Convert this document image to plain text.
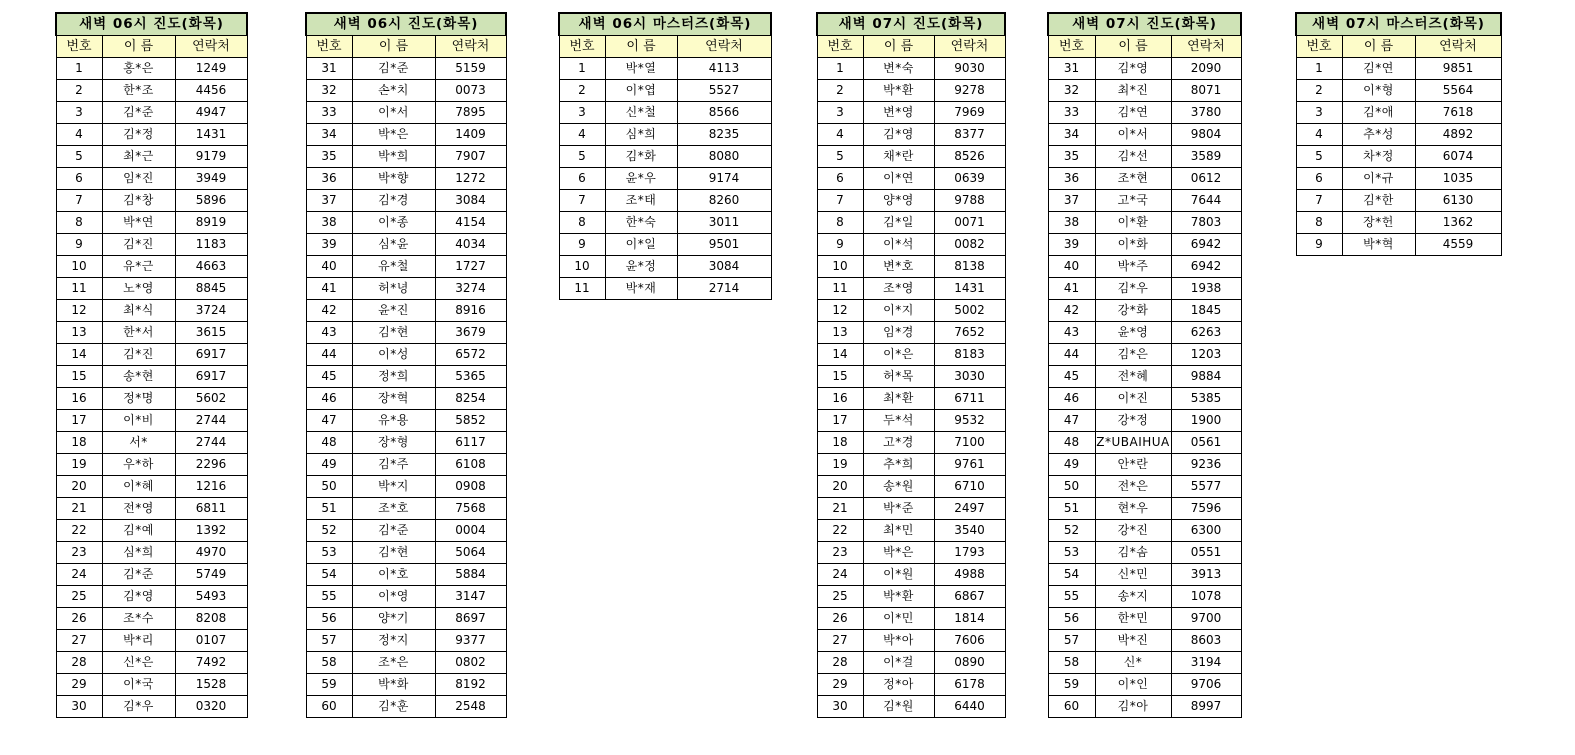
새벽 06시 진도(화목)		
번호	이 름	연락처
1	홍*은	1249
2	한*조	4456
3	김*준	4947
4	김*정	1431
5	최*근	9179
6	임*진	3949
7	김*창	5896
8	박*연	8919
9	김*진	1183
10	유*근	4663
11	노*영	8845
12	최*식	3724
13	한*서	3615
14	김*진	6917
15	송*현	6917
16	정*명	5602
17	이*비	2744
18	서*	2744
19	우*하	2296
20	이*혜	1216
21	전*영	6811
22	김*예	1392
23	심*희	4970
24	김*준	5749
25	김*영	5493
26	조*수	8208
27	박*리	0107
28	신*은	7492
29	이*국	1528
30	김*우	0320
새벽 06시 진도(화목)		
번호	이 름	연락처
31	김*준	5159
32	손*치	0073
33	이*서	7895
34	박*은	1409
35	박*희	7907
36	박*향	1272
37	김*경	3084
38	이*종	4154
39	심*윤	4034
40	유*철	1727
41	허*녕	3274
42	윤*진	8916
43	김*현	3679
44	이*성	6572
45	정*희	5365
46	장*혁	8254
47	유*용	5852
48	장*형	6117
49	김*주	6108
50	박*지	0908
51	조*호	7568
52	김*준	0004
53	김*현	5064
54	이*호	5884
55	이*영	3147
56	양*기	8697
57	정*지	9377
58	조*은	0802
59	박*화	8192
60	김*훈	2548
새벽 06시 마스터즈(화목)		
번호	이 름	연락처
1	박*열	4113
2	이*엽	5527
3	신*철	8566
4	심*희	8235
5	김*화	8080
6	윤*우	9174
7	조*태	8260
8	한*숙	3011
9	이*일	9501
10	윤*정	3084
11	박*재	2714
새벽 07시 진도(화목)		
번호	이 름	연락처
1	변*숙	9030
2	박*환	9278
3	변*영	7969
4	김*영	8377
5	채*란	8526
6	이*연	0639
7	양*영	9788
8	김*일	0071
9	이*석	0082
10	변*호	8138
11	조*영	1431
12	이*지	5002
13	임*경	7652
14	이*은	8183
15	허*목	3030
16	최*환	6711
17	두*석	9532
18	고*경	7100
19	추*희	9761
20	송*원	6710
21	박*준	2497
22	최*민	3540
23	박*은	1793
24	이*원	4988
25	박*환	6867
26	이*민	1814
27	박*아	7606
28	이*걸	0890
29	정*아	6178
30	김*원	6440
새벽 07시 진도(화목)		
번호	이 름	연락처
31	김*영	2090
32	최*진	8071
33	김*연	3780
34	이*서	9804
35	김*선	3589
36	조*현	0612
37	고*국	7644
38	이*환	7803
39	이*화	6942
40	박*주	6942
41	김*우	1938
42	강*화	1845
43	윤*영	6263
44	김*은	1203
45	전*혜	9884
46	이*진	5385
47	강*정	1900
48	Z*UBAIHUA	0561
49	안*란	9236
50	전*은	5577
51	현*우	7596
52	강*진	6300
53	김*솜	0551
54	신*민	3913
55	송*지	1078
56	한*민	9700
57	박*진	8603
58	신*	3194
59	이*인	9706
60	김*아	8997
새벽 07시 마스터즈(화목)		
번호	이 름	연락처
1	김*연	9851
2	이*형	5564
3	김*애	7618
4	추*성	4892
5	차*정	6074
6	이*규	1035
7	김*한	6130
8	장*헌	1362
9	박*혁	4559
